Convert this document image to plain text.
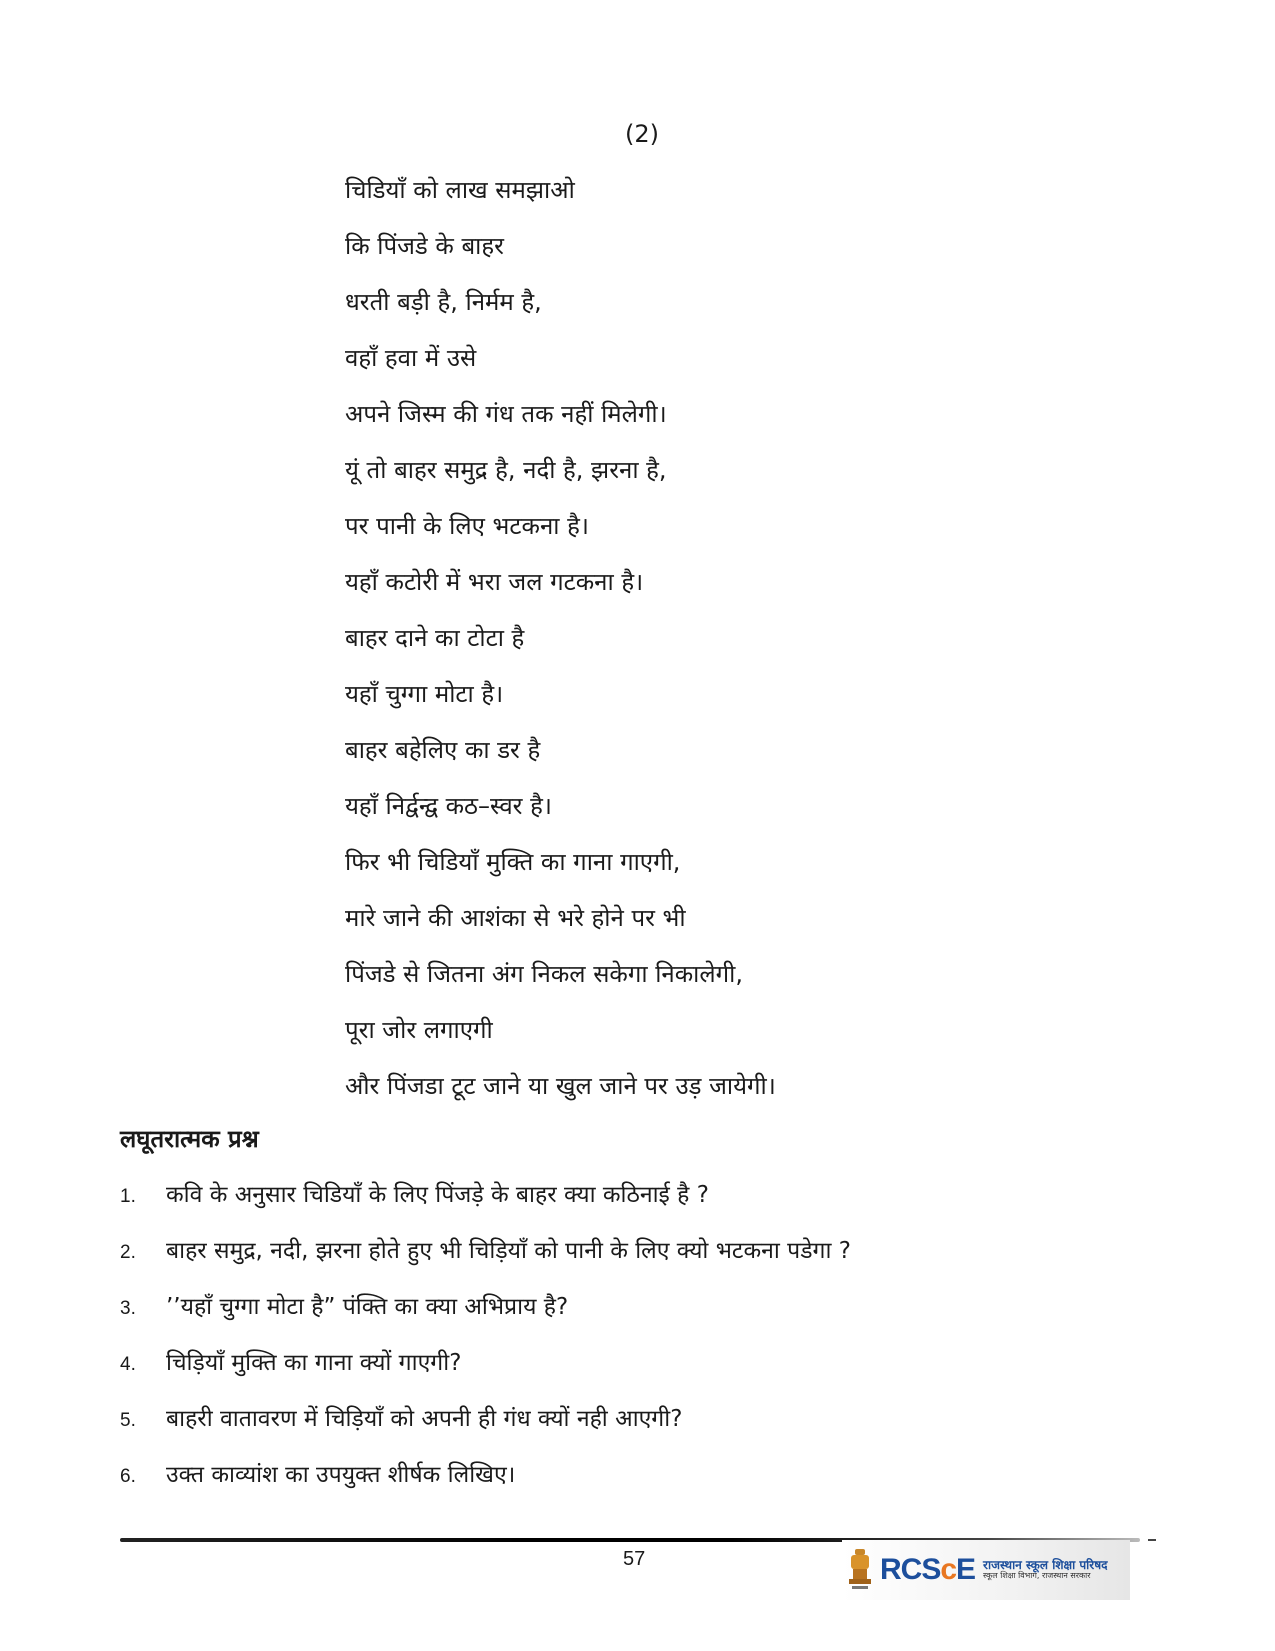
(2)
चिडियाँ को लाख समझाओ
कि पिंजडे के बाहर
धरती बड़ी है, निर्मम है,
वहाँ हवा में उसे
अपने जिस्म की गंध तक नहीं मिलेगी।
यूं तो बाहर समुद्र है, नदी है, झरना है,
पर पानी के लिए भटकना है।
यहाँ कटोरी में भरा जल गटकना है।
बाहर दाने का टोटा है
यहाँ चुग्गा मोटा है।
बाहर बहेलिए का डर है
यहाँ निर्द्वन्द्व कठ–स्वर है।
फिर भी चिडियाँ मुक्ति का गाना गाएगी,
मारे जाने की आशंका से भरे होने पर भी
पिंजडे से जितना अंग निकल सकेगा निकालेगी,
पूरा जोर लगाएगी
और पिंजडा टूट जाने या खुल जाने पर उड़ जायेगी।
लघूतरात्मक प्रश्न
1. कवि के अनुसार चिडियाँ के लिए पिंजड़े के बाहर क्या कठिनाई है ?
2. बाहर समुद्र, नदी, झरना होते हुए भी चिड़ियाँ को पानी के लिए क्यो भटकना पडेगा ?
3. ’’यहाँ चुग्गा मोटा है” पंक्ति का क्या अभिप्राय है?
4. चिड़ियाँ मुक्ति का गाना क्यों गाएगी?
5. बाहरी वातावरण में चिड़ियाँ को अपनी ही गंध क्यों नही आएगी?
6. उक्त काव्यांश का उपयुक्त शीर्षक लिखिए।
57	RCScE राजस्थान स्कूल शिक्षा परिषद
स्कूल शिक्षा विभाग, राजस्थान सरकार
